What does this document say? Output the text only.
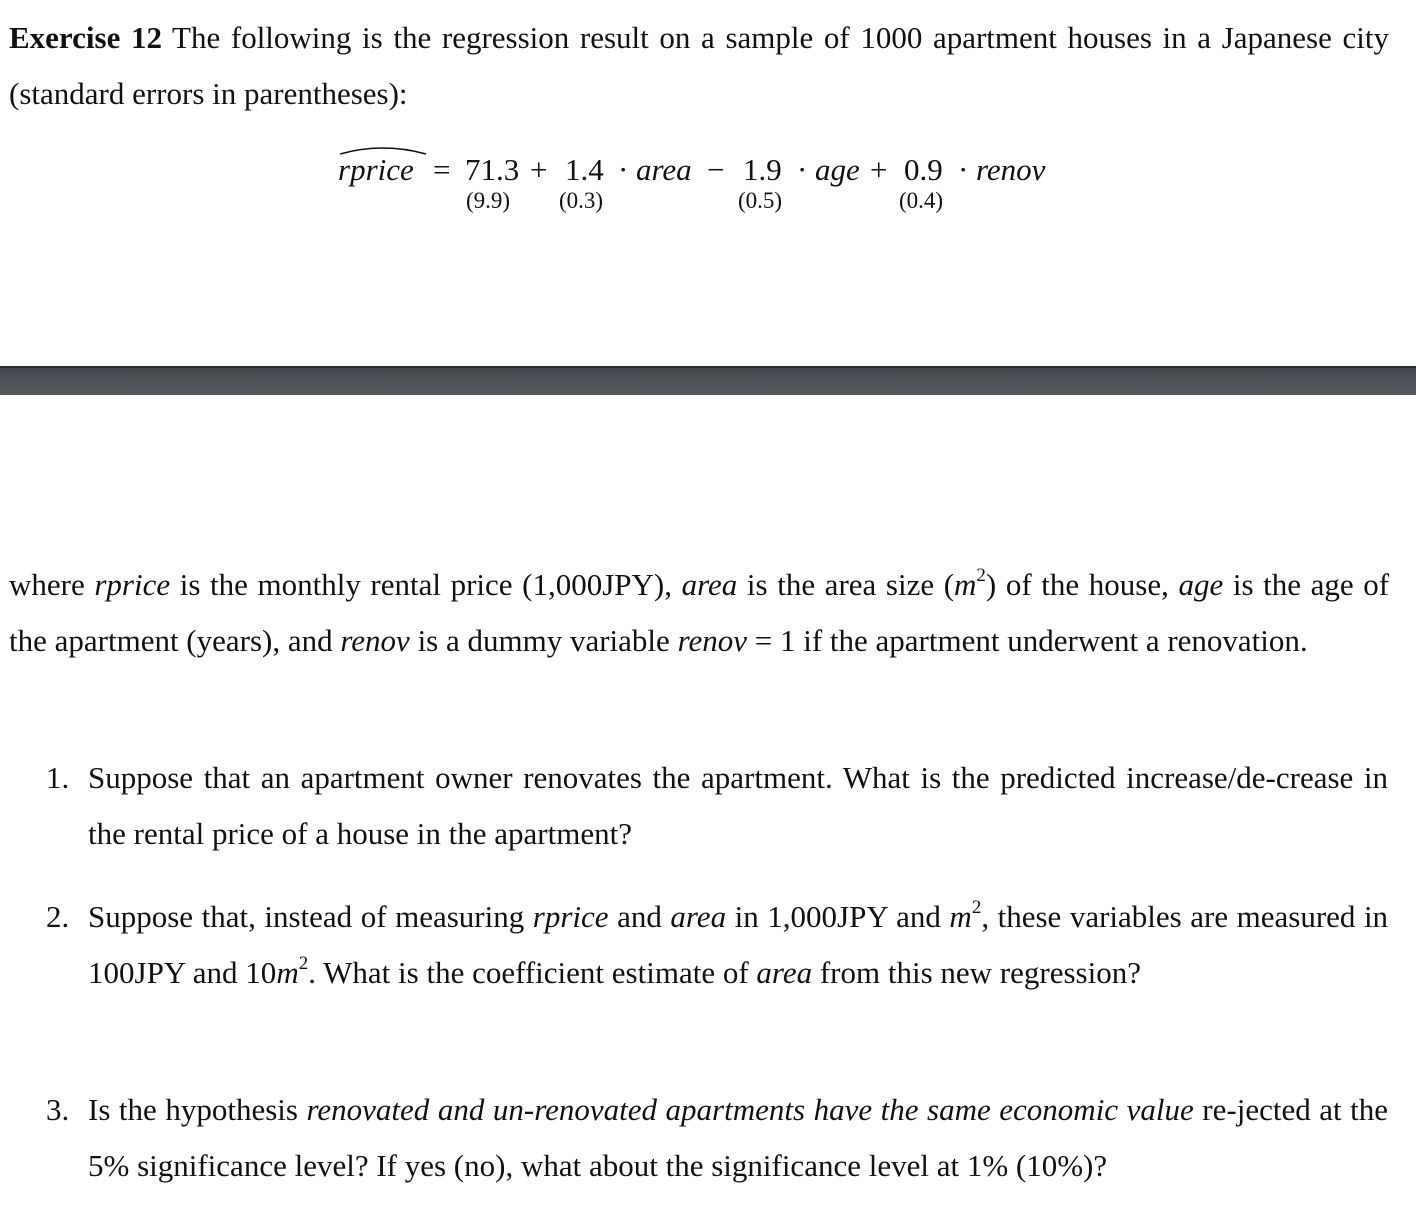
Exercise 12 The following is the regression result on a sample of 1000 apartment houses in a Japanese city (standard errors in parentheses):
rprice = 71.3
(9.9)
+ 1.4
(0.3)
· area − 1.9
(0.5)
· age + 0.9
(0.4)
· renov
where rprice is the monthly rental price (1,000JPY), area is the area size $(m^2)$ of the house, age is the age of the apartment (years), and renov is a dummy variable renov = 1 if the apartment underwent a renovation.
1. Suppose that an apartment owner renovates the apartment. What is the predicted increase/de-crease in the rental price of a house in the apartment?
2. Suppose that, instead of measuring rprice and area in 1,000JPY and $m^2$, these variables are measured in 100JPY and $10m^2$. What is the coefficient estimate of area from this new regression?
3. Is the hypothesis renovated and un-renovated apartments have the same economic value re-jected at the 5% significance level? If yes (no), what about the significance level at 1% (10%)?
